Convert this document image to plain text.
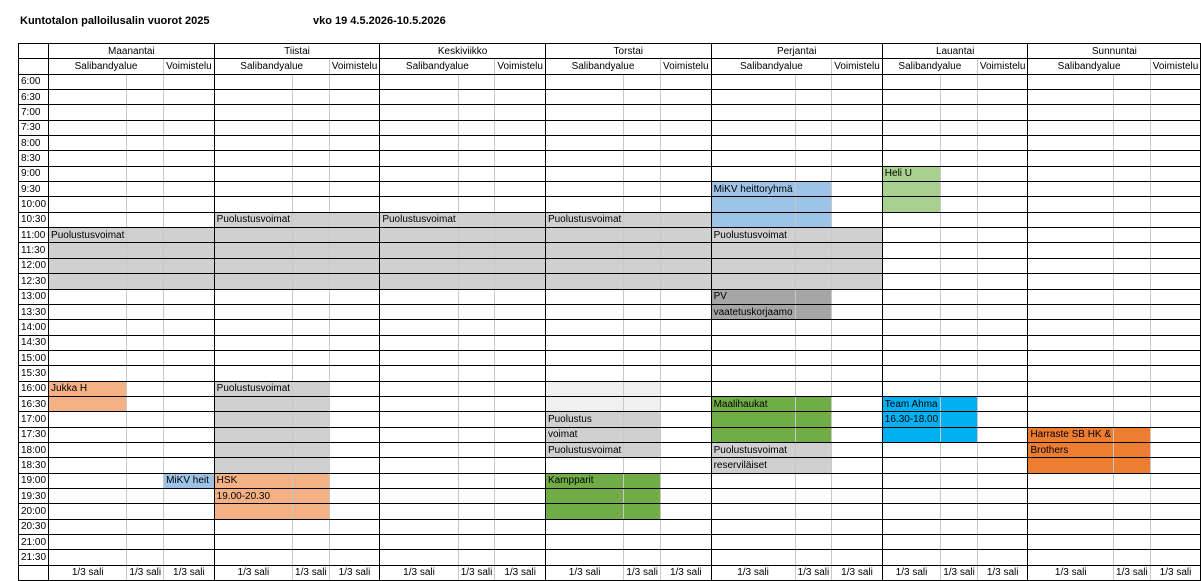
Kuntotalon palloilusalin vuorot 2025	vko 19 4.5.2026-10.5.2026
	Maanantai			Tiistai			Keskiviikko			Torstai			Perjantai			Lauantai			Sunnuntai		
	Salibandyalue		Voimistelu	Salibandyalue		Voimistelu	Salibandyalue		Voimistelu	Salibandyalue		Voimistelu	Salibandyalue		Voimistelu	Salibandyalue		Voimistelu	Salibandyalue		Voimistelu
6:00																					
6:30																					
7:00																					
7:30																					
8:00																					
8:30																					
9:00																Heli U					
9:30													MiKV heittoryhmä								
10:00																					
10:30				Puolustusvoimat			Puolustusvoimat			Puolustusvoimat											
11:00	Puolustusvoimat												Puolustusvoimat								
11:30																					
12:00																					
12:30																					
13:00													PV								
13:30													vaatetuskorjaamo								
14:00																					
14:30																					
15:00																					
15:30																					
16:00	Jukka H			Puolustusvoimat																	
16:30													Maalihaukat			Team Ahma					
17:00										Puolustus						16.30-18.00					
17:30										voimat									Harraste SB HK &		
18:00										Puolustusvoimat			Puolustusvoimat						Brothers		
18:30													reserviläiset								
19:00			MiKV heit	HSK						Kampparit											
19:30				19.00-20.30																	
20:00																					
20:30																					
21:00																					
21:30																					
	1/3 sali	1/3 sali	1/3 sali	1/3 sali	1/3 sali	1/3 sali	1/3 sali	1/3 sali	1/3 sali	1/3 sali	1/3 sali	1/3 sali	1/3 sali	1/3 sali	1/3 sali	1/3 sali	1/3 sali	1/3 sali	1/3 sali	1/3 sali	1/3 sali
